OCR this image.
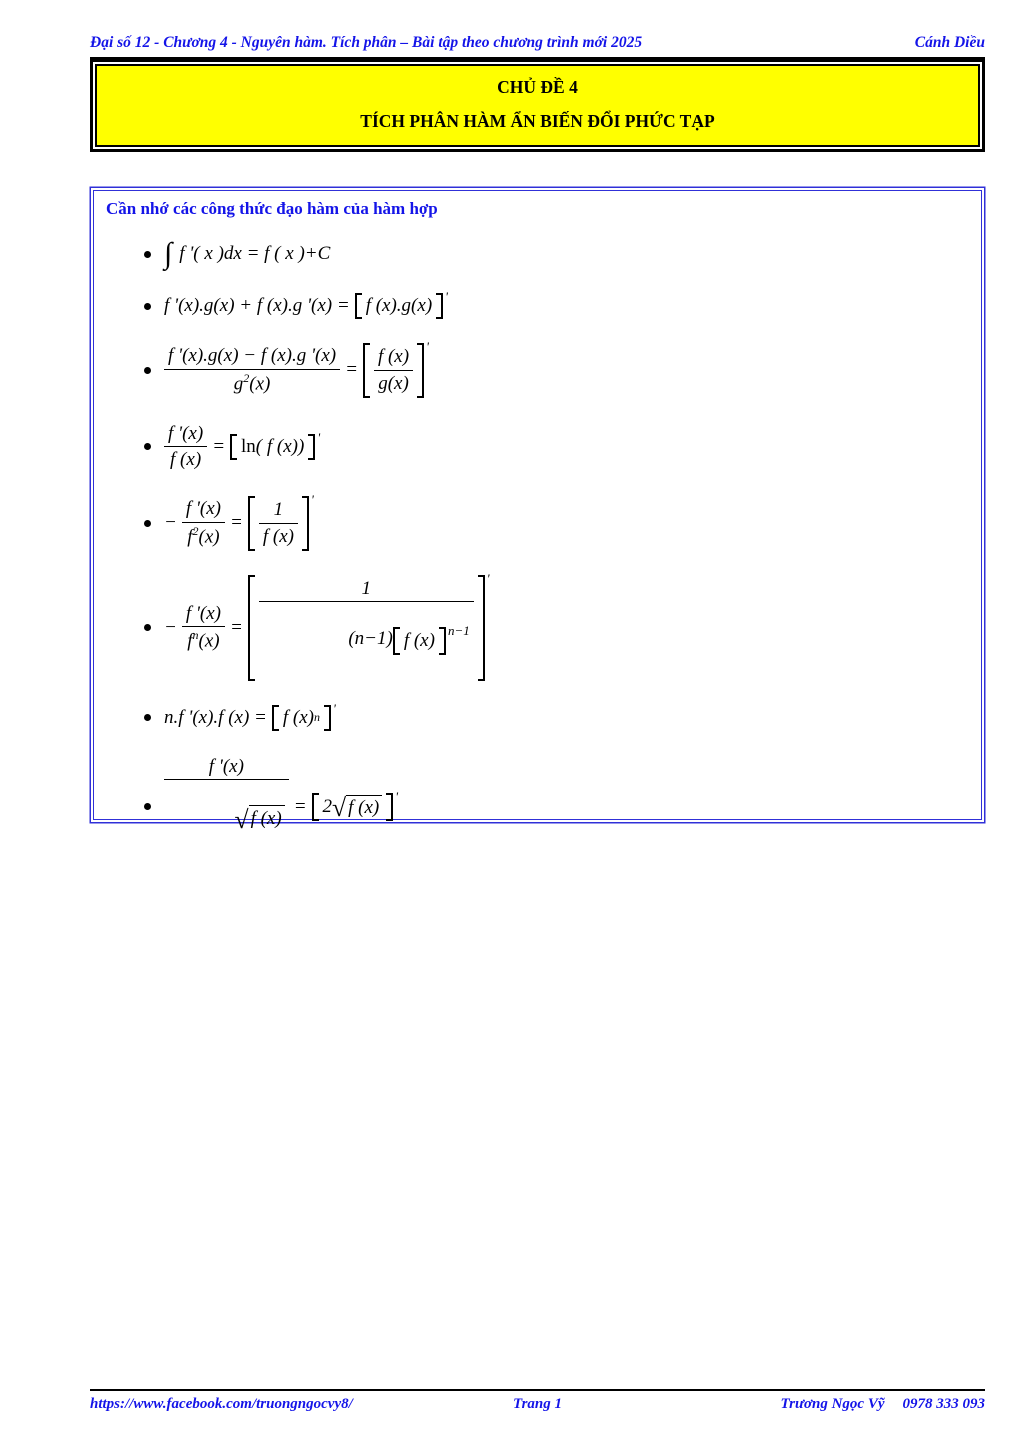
Đại số 12 - Chương 4 - Nguyên hàm. Tích phân – Bài tập theo chương trình mới 2025	Cánh Diều
CHỦ ĐỀ 4
TÍCH PHÂN HÀM ẨN BIẾN ĐỔI PHỨC TẠP
Cần nhớ các công thức đạo hàm của hàm hợp
∫ f '( x )dx = f ( x )+C
f '(x).g(x) + f (x).g '(x) = f (x).g(x) '
$\frac{f '(x).g(x) - f (x).g '(x)}{g^2(x)} = \frac{f (x)}{g(x)}$ '
$\frac{f '(x)}{f (x)} = \ln$ ( f (x)) '
− $\frac{f '(x)}{f^2(x)} = \frac{1}{f (x)}$ '
− $\frac{f '(x)}{f^n(x)}$ =
1

(n−1) f (x) n−1

'
n.f '(x).f (x) = f (x) n
'
$\frac{f '(x)}{√ f (x)}$

= 2 √ f (x)
'
https://www.facebook.com/truongngocvy8/	Trang 1	Trương Ngọc Vỹ 0978 333 093
